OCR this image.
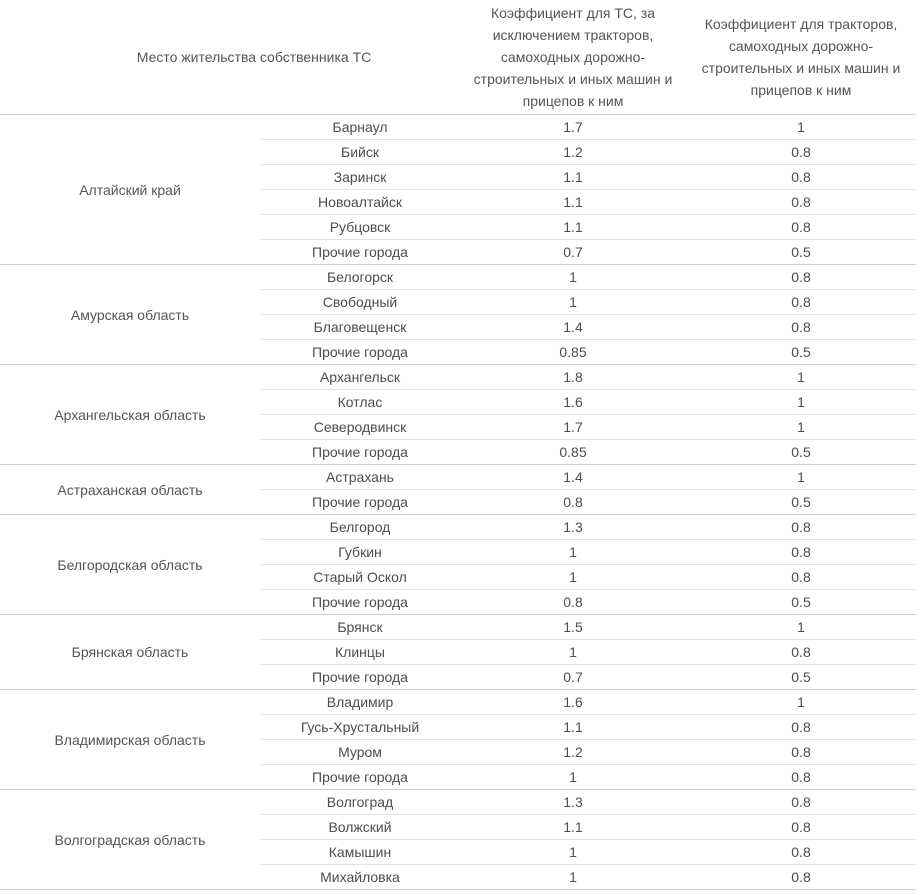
Место жительства собственника ТС		Коэффициент для ТС, за исключением тракторов, самоходных дорожно-строительных и иных машин и прицепов к ним	Коэффициент для тракторов, самоходных дорожно-строительных и иных машин и прицепов к ним
Алтайский край	Барнаул	1.7	1
	Бийск	1.2	0.8
	Заринск	1.1	0.8
	Новоалтайск	1.1	0.8
	Рубцовск	1.1	0.8
	Прочие города	0.7	0.5
Амурская область	Белогорск	1	0.8
	Свободный	1	0.8
	Благовещенск	1.4	0.8
	Прочие города	0.85	0.5
Архангельская область	Архангельск	1.8	1
	Котлас	1.6	1
	Северодвинск	1.7	1
	Прочие города	0.85	0.5
Астраханская область	Астрахань	1.4	1
	Прочие города	0.8	0.5
Белгородская область	Белгород	1.3	0.8
	Губкин	1	0.8
	Старый Оскол	1	0.8
	Прочие города	0.8	0.5
Брянская область	Брянск	1.5	1
	Клинцы	1	0.8
	Прочие города	0.7	0.5
Владимирская область	Владимир	1.6	1
	Гусь-Хрустальный	1.1	0.8
	Муром	1.2	0.8
	Прочие города	1	0.8
Волгоградская область	Волгоград	1.3	0.8
	Волжский	1.1	0.8
	Камышин	1	0.8
	Михайловка	1	0.8
